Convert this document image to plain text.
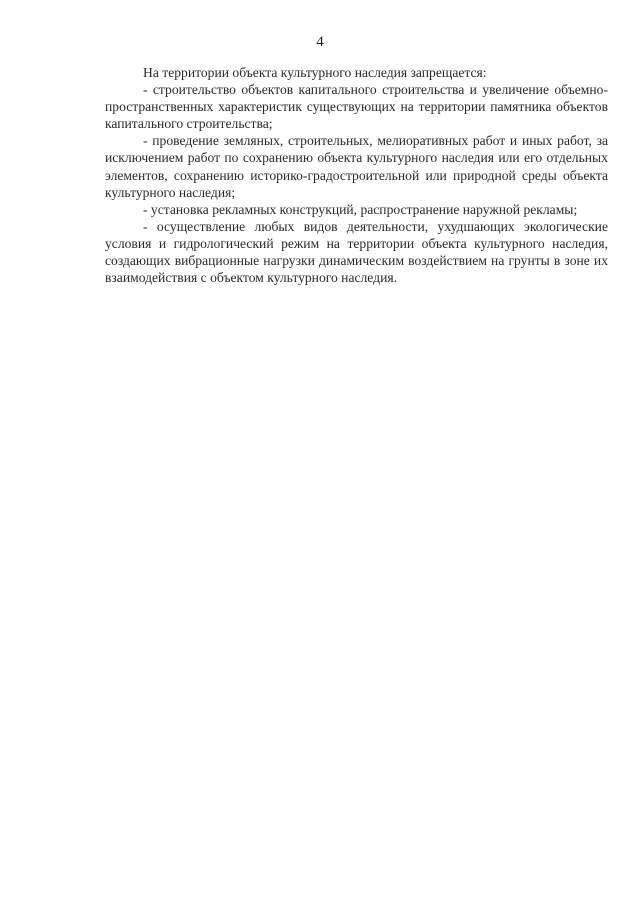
4

На территории объекта культурного наследия запрещается:

- строительство объектов капитального строительства и увеличение объемно-пространственных характеристик существующих на территории памятника объектов капитального строительства;

- проведение земляных, строительных, мелиоративных работ и иных работ, за исключением работ по сохранению объекта культурного наследия или его отдельных элементов, сохранению историко-градостроительной или природной среды объекта культурного наследия;

- установка рекламных конструкций, распространение наружной рекламы;

- осуществление любых видов деятельности, ухудшающих экологические условия и гидрологический режим на территории объекта культурного наследия, создающих вибрационные нагрузки динамическим воздействием на грунты в зоне их взаимодействия с объектом культурного наследия.
